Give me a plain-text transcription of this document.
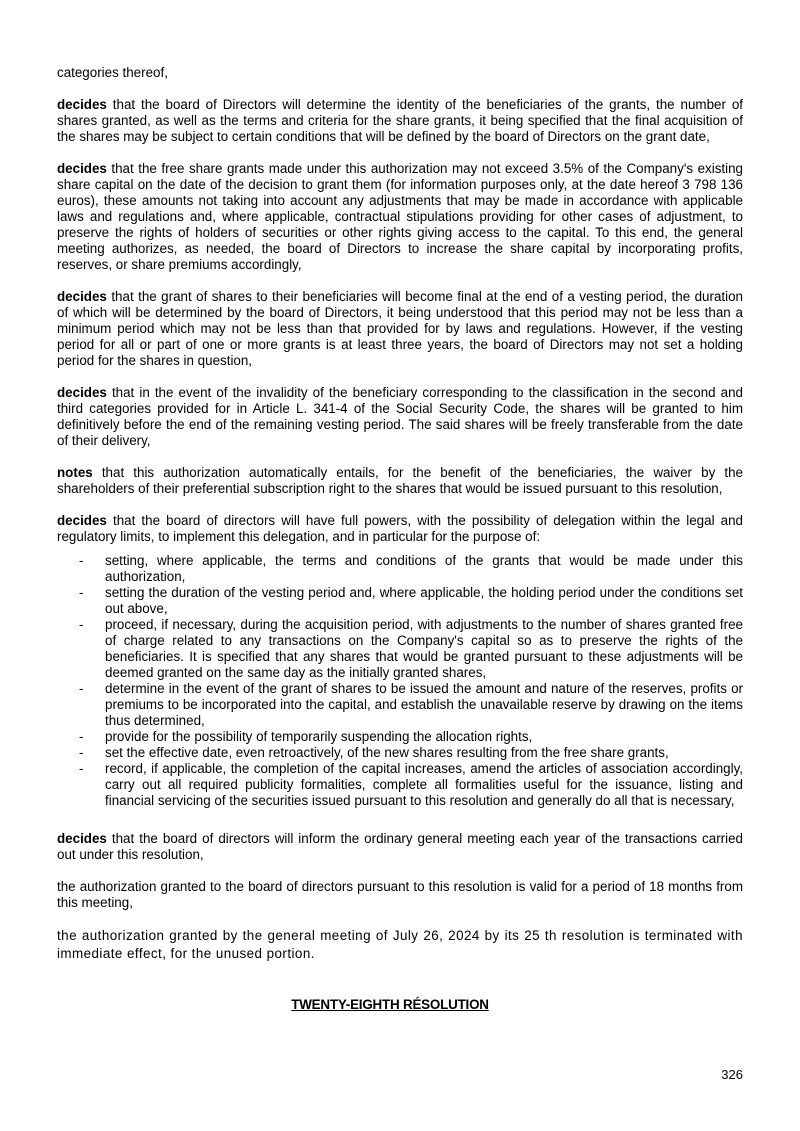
categories thereof,

decides that the board of Directors will determine the identity of the beneficiaries of the grants, the number of shares granted, as well as the terms and criteria for the share grants, it being specified that the final acquisition of the shares may be subject to certain conditions that will be defined by the board of Directors on the grant date,

decides that the free share grants made under this authorization may not exceed 3.5% of the Company's existing share capital on the date of the decision to grant them (for information purposes only, at the date hereof 3 798 136 euros), these amounts not taking into account any adjustments that may be made in accordance with applicable laws and regulations and, where applicable, contractual stipulations providing for other cases of adjustment, to preserve the rights of holders of securities or other rights giving access to the capital. To this end, the general meeting authorizes, as needed, the board of Directors to increase the share capital by incorporating profits, reserves, or share premiums accordingly,

decides that the grant of shares to their beneficiaries will become final at the end of a vesting period, the duration of which will be determined by the board of Directors, it being understood that this period may not be less than a minimum period which may not be less than that provided for by laws and regulations. However, if the vesting period for all or part of one or more grants is at least three years, the board of Directors may not set a holding period for the shares in question,

decides that in the event of the invalidity of the beneficiary corresponding to the classification in the second and third categories provided for in Article L. 341-4 of the Social Security Code, the shares will be granted to him definitively before the end of the remaining vesting period. The said shares will be freely transferable from the date of their delivery,

notes that this authorization automatically entails, for the benefit of the beneficiaries, the waiver by the shareholders of their preferential subscription right to the shares that would be issued pursuant to this resolution,

decides that the board of directors will have full powers, with the possibility of delegation within the legal and regulatory limits, to implement this delegation, and in particular for the purpose of:

- setting, where applicable, the terms and conditions of the grants that would be made under this authorization,
- setting the duration of the vesting period and, where applicable, the holding period under the conditions set out above,
- proceed, if necessary, during the acquisition period, with adjustments to the number of shares granted free of charge related to any transactions on the Company's capital so as to preserve the rights of the beneficiaries. It is specified that any shares that would be granted pursuant to these adjustments will be deemed granted on the same day as the initially granted shares,
- determine in the event of the grant of shares to be issued the amount and nature of the reserves, profits or premiums to be incorporated into the capital, and establish the unavailable reserve by drawing on the items thus determined,
- provide for the possibility of temporarily suspending the allocation rights,
- set the effective date, even retroactively, of the new shares resulting from the free share grants,
- record, if applicable, the completion of the capital increases, amend the articles of association accordingly, carry out all required publicity formalities, complete all formalities useful for the issuance, listing and financial servicing of the securities issued pursuant to this resolution and generally do all that is necessary,

decides that the board of directors will inform the ordinary general meeting each year of the transactions carried out under this resolution,

the authorization granted to the board of directors pursuant to this resolution is valid for a period of 18 months from this meeting,

the authorization granted by the general meeting of July 26, 2024 by its 25 th resolution is terminated with immediate effect, for the unused portion.

TWENTY-EIGHTH RÉSOLUTION
326
